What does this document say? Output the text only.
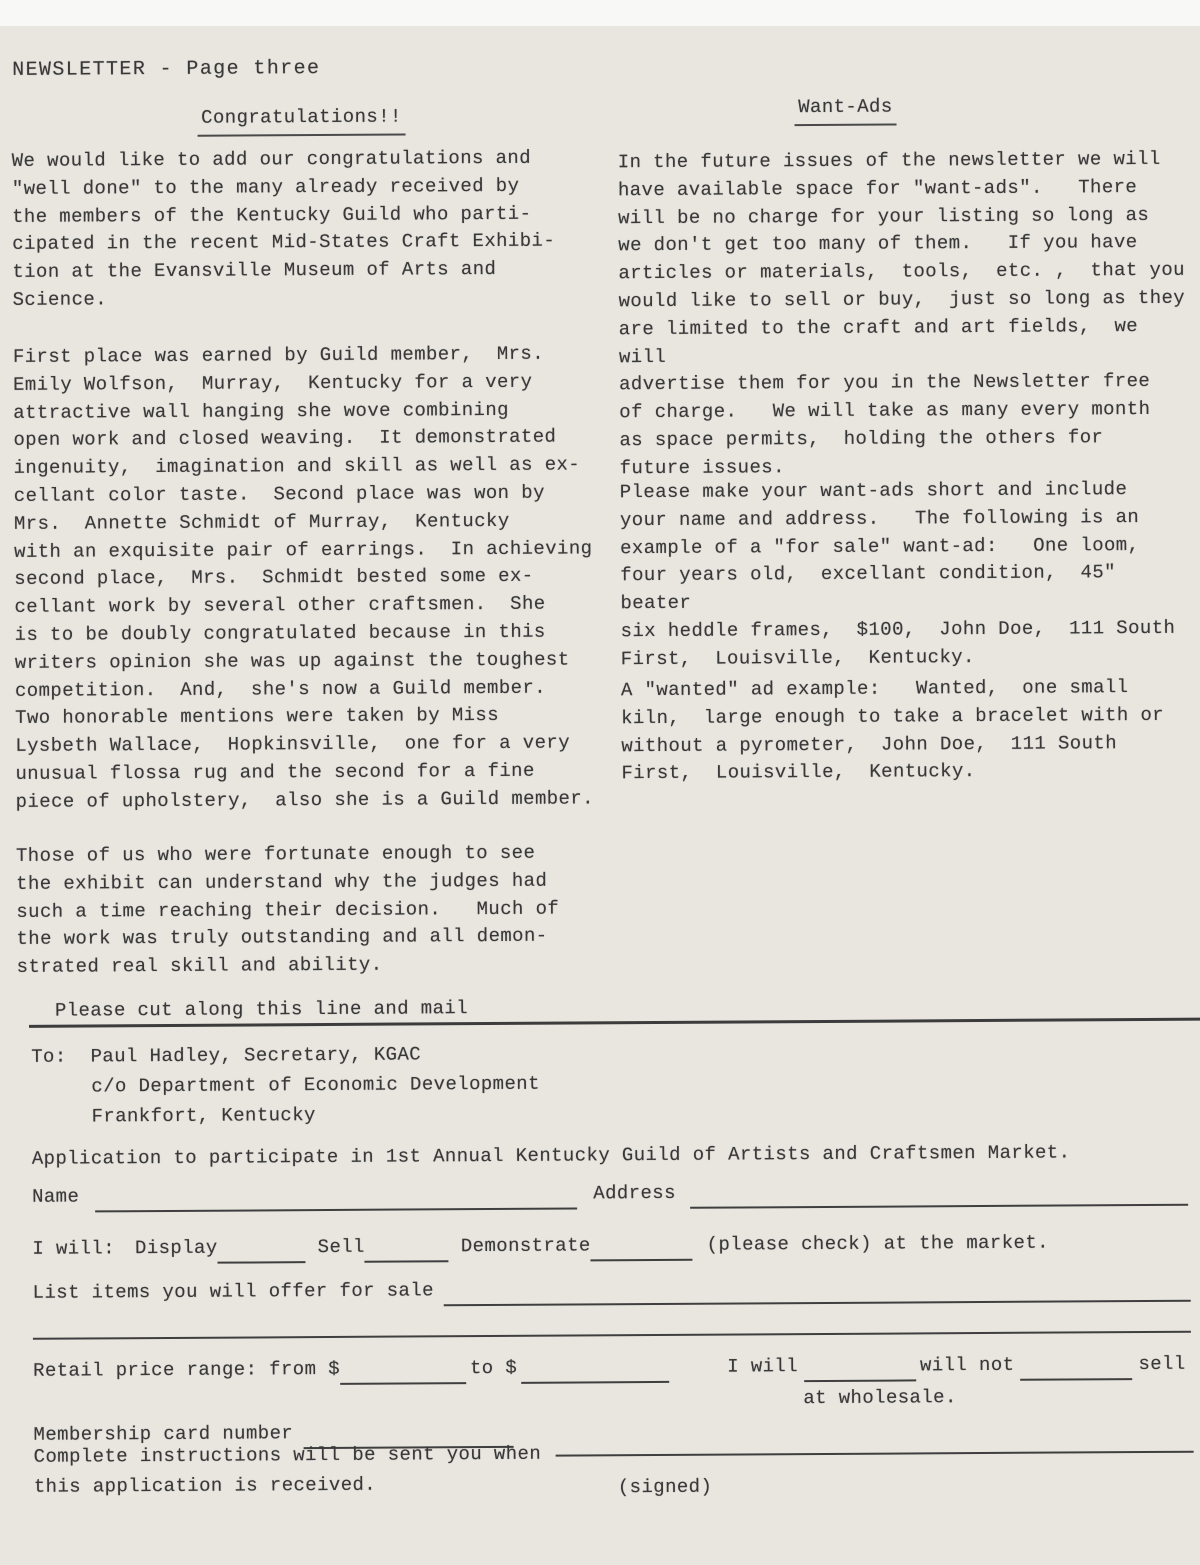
NEWSLETTER - Page three
Congratulations!!
We would like to add our congratulations and
"well done" to the many already received by
the members of the Kentucky Guild who parti-
cipated in the recent Mid-States Craft Exhibi-
tion at the Evansville Museum of Arts and
Science.
First place was earned by Guild member,  Mrs.
Emily Wolfson,  Murray,  Kentucky for a very
attractive wall hanging she wove combining
open work and closed weaving.  It demonstrated
ingenuity,  imagination and skill as well as ex-
cellant color taste.  Second place was won by
Mrs.  Annette Schmidt of Murray,  Kentucky
with an exquisite pair of earrings.  In achieving
second place,  Mrs.  Schmidt bested some ex-
cellant work by several other craftsmen.  She
is to be doubly congratulated because in this
writers opinion she was up against the toughest
competition.  And,  she's now a Guild member.
Two honorable mentions were taken by Miss
Lysbeth Wallace,  Hopkinsville,  one for a very
unusual flossa rug and the second for a fine
piece of upholstery,  also she is a Guild member.
Those of us who were fortunate enough to see
the exhibit can understand why the judges had
such a time reaching their decision.   Much of
the work was truly outstanding and all demon-
strated real skill and ability.
Want-Ads
In the future issues of the newsletter we will
have available space for "want-ads".   There
will be no charge for your listing so long as
we don't get too many of them.   If you have
articles or materials,  tools,  etc. ,  that you
would like to sell or buy,  just so long as they
are limited to the craft and art fields,  we will
advertise them for you in the Newsletter free
of charge.   We will take as many every month
as space permits,  holding the others for
future issues.
Please make your want-ads short and include
your name and address.   The following is an
example of a "for sale" want-ad:   One loom,
four years old,  excellant condition,  45" beater
six heddle frames,  $100,  John Doe,  111 South
First,  Louisville,  Kentucky.
A "wanted" ad example:   Wanted,  one small
kiln,  large enough to take a bracelet with or
without a pyrometer,  John Doe,  111 South
First,  Louisville,  Kentucky.
Please cut along this line and mail
To: Paul Hadley, Secretary, KGAC
c/o Department of Economic Development
Frankfort, Kentucky
Application to participate in 1st Annual Kentucky Guild of Artists and Craftsmen Market.
Name	Address
I will: Display	Sell	Demonstrate	(please check) at the market.
List items you will offer for sale
Retail price range: from $	to $	I will	will not	sell
at wholesale.
Membership card number
Complete instructions will be sent you when
this application is received.	(signed)
